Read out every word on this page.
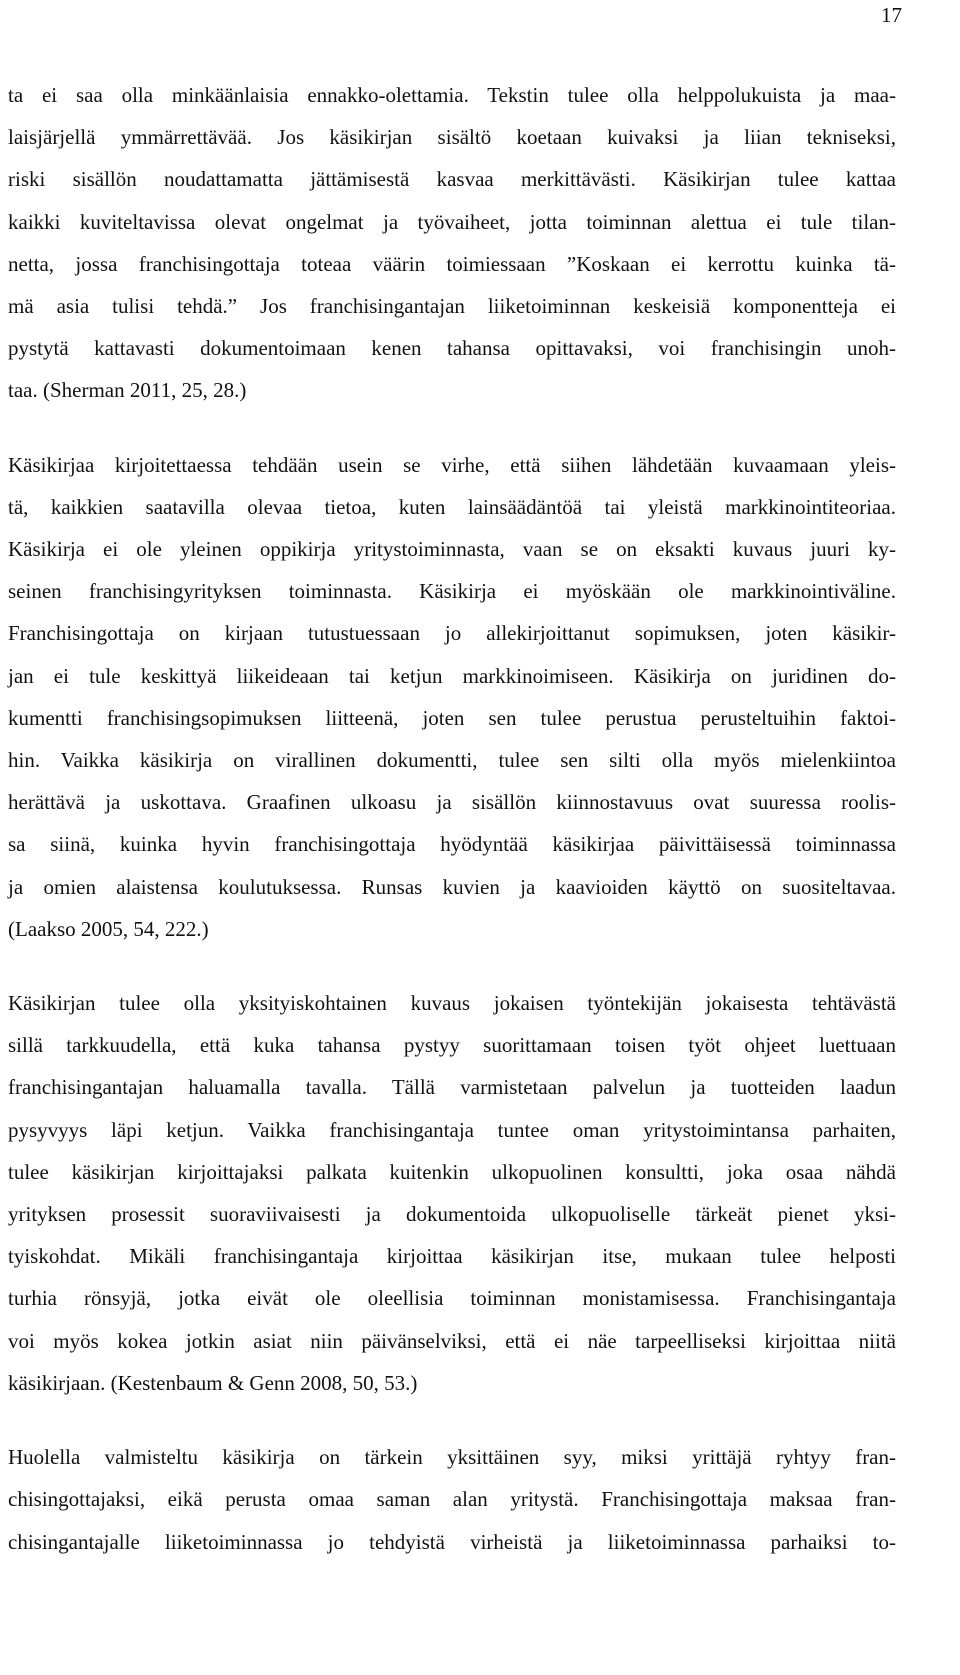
17
ta ei saa olla minkäänlaisia ennakko-olettamia. Tekstin tulee olla helppolukuista ja maa-
laisjärjellä ymmärrettävää. Jos käsikirjan sisältö koetaan kuivaksi ja liian tekniseksi,
riski sisällön noudattamatta jättämisestä kasvaa merkittävästi. Käsikirjan tulee kattaa
kaikki kuviteltavissa olevat ongelmat ja työvaiheet, jotta toiminnan alettua ei tule tilan-
netta, jossa franchisingottaja toteaa väärin toimiessaan ”Koskaan ei kerrottu kuinka tä-
mä asia tulisi tehdä.” Jos franchisingantajan liiketoiminnan keskeisiä komponentteja ei
pystytä kattavasti dokumentoimaan kenen tahansa opittavaksi, voi franchisingin unoh-
taa. (Sherman 2011, 25, 28.)
Käsikirjaa kirjoitettaessa tehdään usein se virhe, että siihen lähdetään kuvaamaan yleis-
tä, kaikkien saatavilla olevaa tietoa, kuten lainsäädäntöä tai yleistä markkinointiteoriaa.
Käsikirja ei ole yleinen oppikirja yritystoiminnasta, vaan se on eksakti kuvaus juuri ky-
seinen franchisingyrityksen toiminnasta. Käsikirja ei myöskään ole markkinointiväline.
Franchisingottaja on kirjaan tutustuessaan jo allekirjoittanut sopimuksen, joten käsikir-
jan ei tule keskittyä liikeideaan tai ketjun markkinoimiseen. Käsikirja on juridinen do-
kumentti franchisingsopimuksen liitteenä, joten sen tulee perustua perusteltuihin faktoi-
hin. Vaikka käsikirja on virallinen dokumentti, tulee sen silti olla myös mielenkiintoa
herättävä ja uskottava. Graafinen ulkoasu ja sisällön kiinnostavuus ovat suuressa roolis-
sa siinä, kuinka hyvin franchisingottaja hyödyntää käsikirjaa päivittäisessä toiminnassa
ja omien alaistensa koulutuksessa. Runsas kuvien ja kaavioiden käyttö on suositeltavaa.
(Laakso 2005, 54, 222.)
Käsikirjan tulee olla yksityiskohtainen kuvaus jokaisen työntekijän jokaisesta tehtävästä
sillä tarkkuudella, että kuka tahansa pystyy suorittamaan toisen työt ohjeet luettuaan
franchisingantajan haluamalla tavalla. Tällä varmistetaan palvelun ja tuotteiden laadun
pysyvyys läpi ketjun. Vaikka franchisingantaja tuntee oman yritystoimintansa parhaiten,
tulee käsikirjan kirjoittajaksi palkata kuitenkin ulkopuolinen konsultti, joka osaa nähdä
yrityksen prosessit suoraviivaisesti ja dokumentoida ulkopuoliselle tärkeät pienet yksi-
tyiskohdat. Mikäli franchisingantaja kirjoittaa käsikirjan itse, mukaan tulee helposti
turhia rönsyjä, jotka eivät ole oleellisia toiminnan monistamisessa. Franchisingantaja
voi myös kokea jotkin asiat niin päivänselviksi, että ei näe tarpeelliseksi kirjoittaa niitä
käsikirjaan. (Kestenbaum & Genn 2008, 50, 53.)
Huolella valmisteltu käsikirja on tärkein yksittäinen syy, miksi yrittäjä ryhtyy fran-
chisingottajaksi, eikä perusta omaa saman alan yritystä. Franchisingottaja maksaa fran-
chisingantajalle liiketoiminnassa jo tehdyistä virheistä ja liiketoiminnassa parhaiksi to-
